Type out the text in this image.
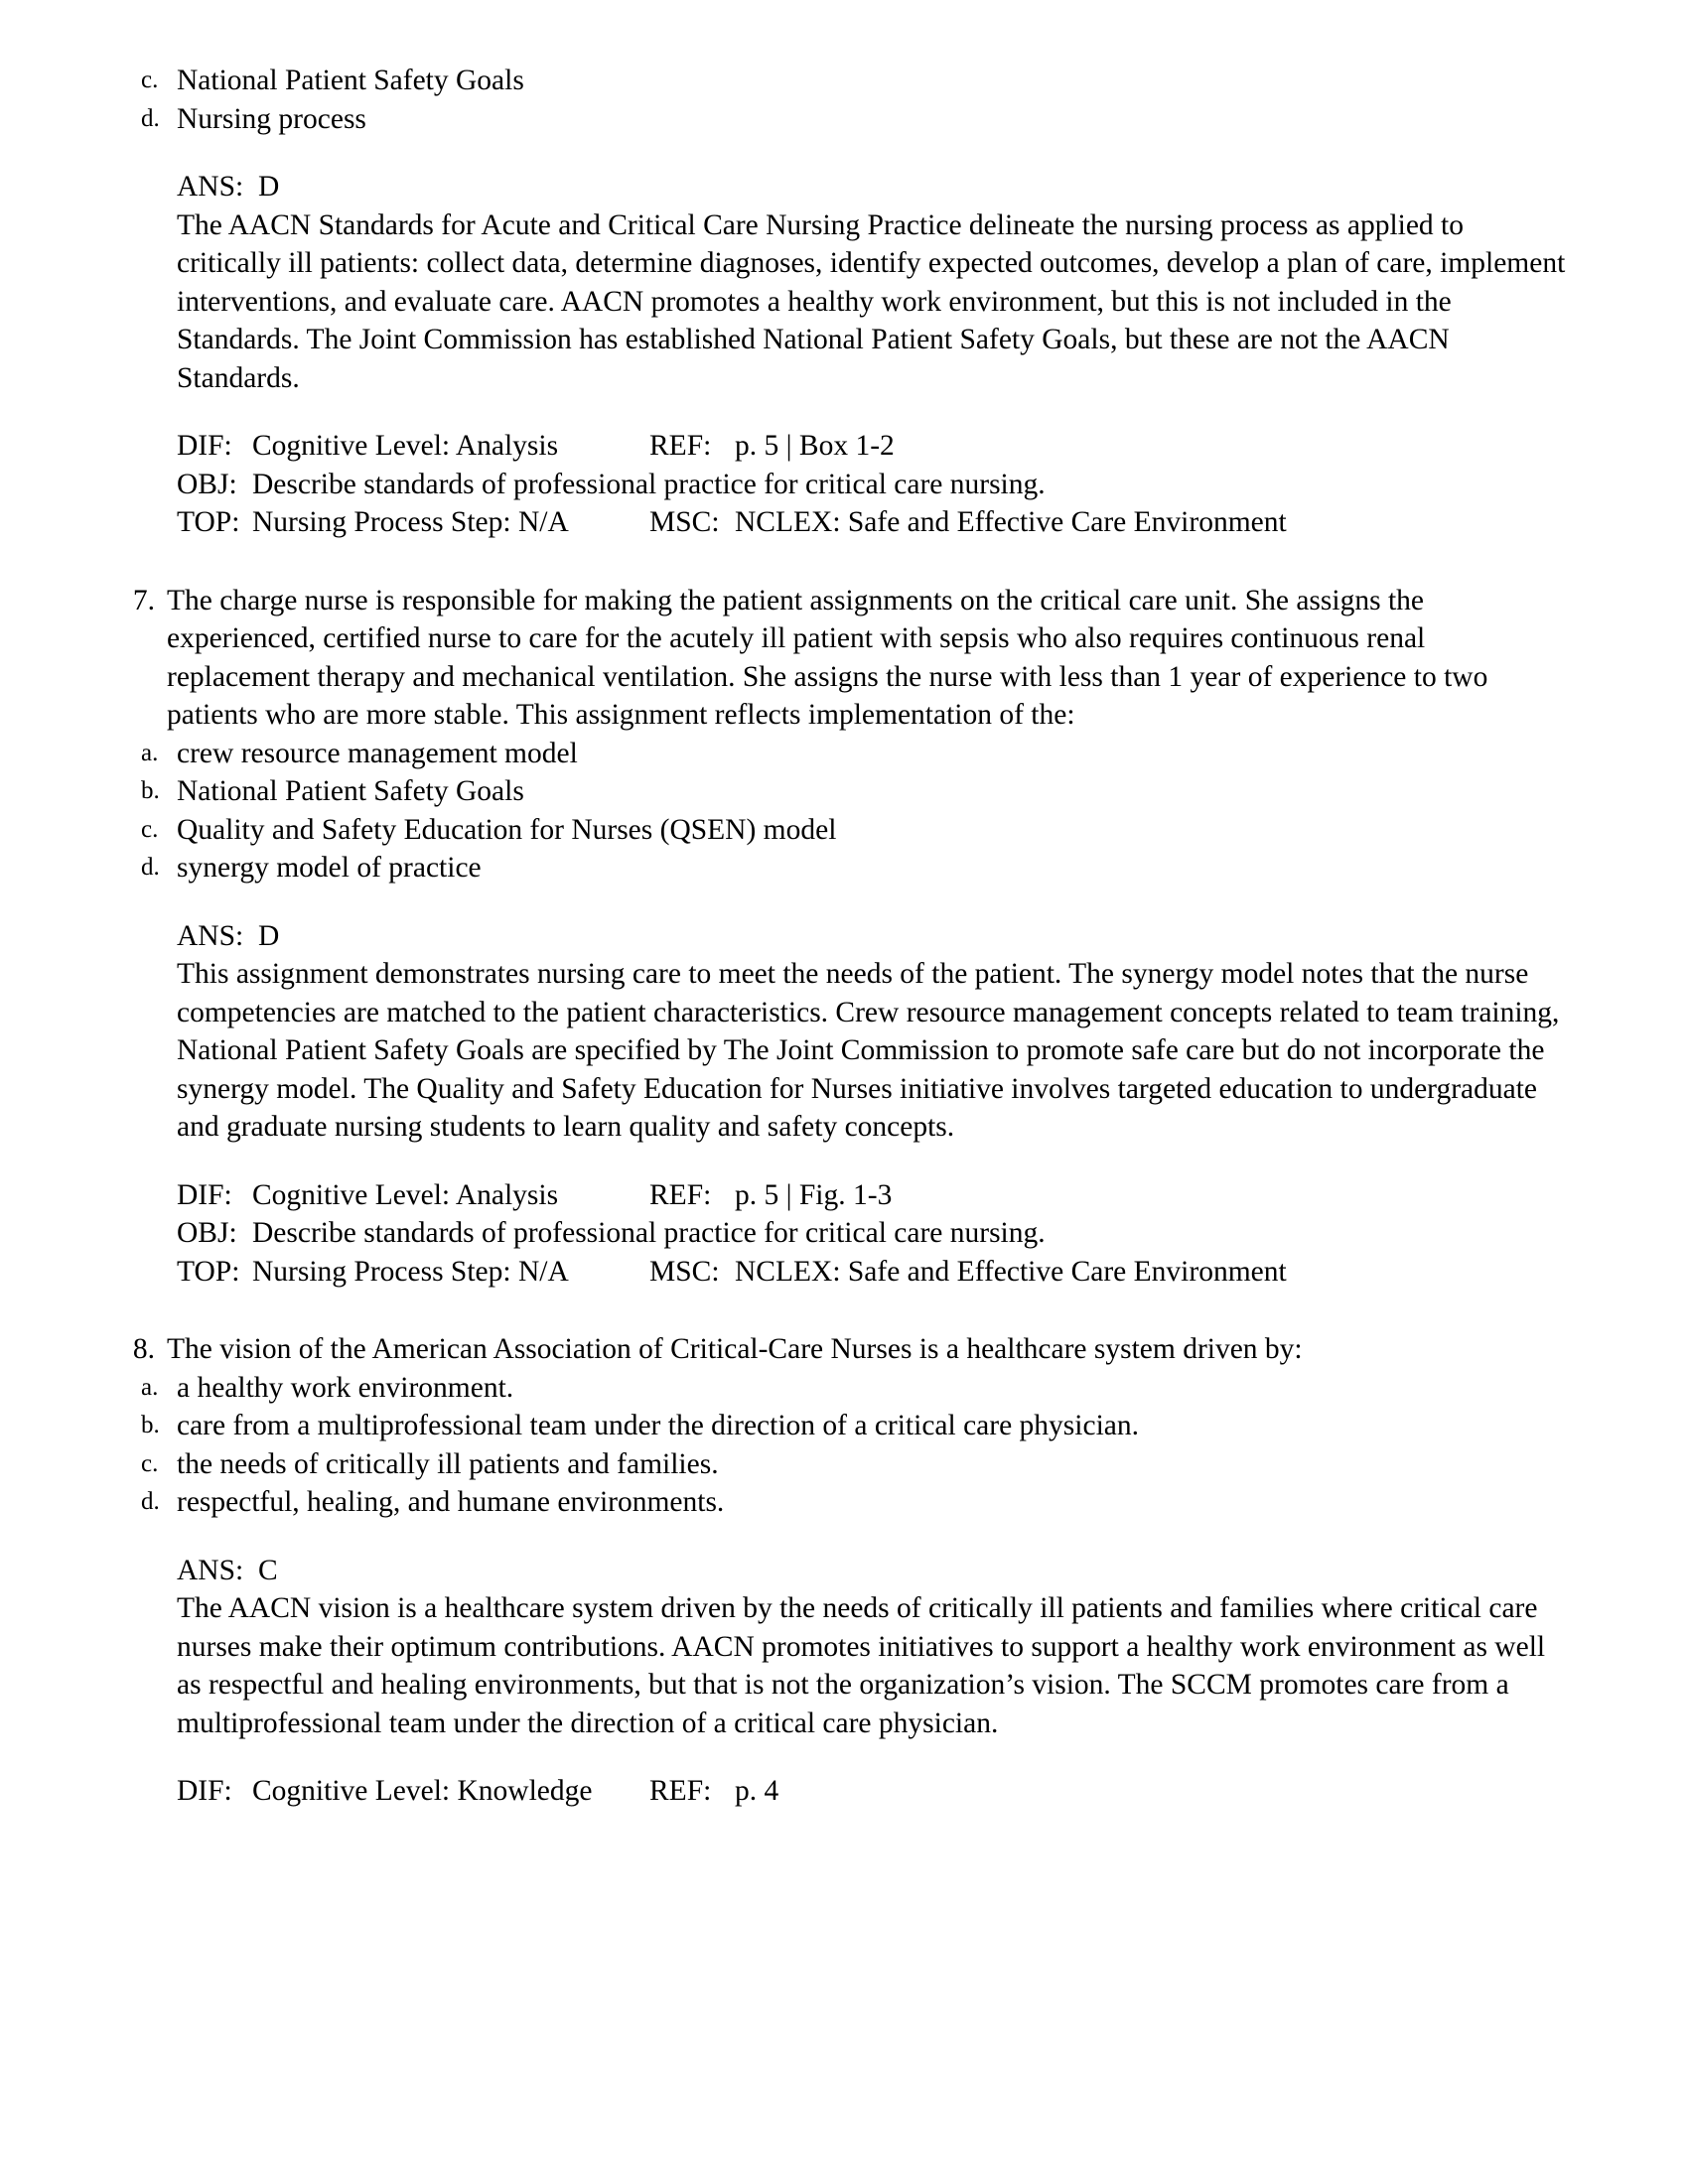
c. National Patient Safety Goals
d. Nursing process
ANS:  D
The AACN Standards for Acute and Critical Care Nursing Practice delineate the nursing process as applied to critically ill patients: collect data, determine diagnoses, identify expected outcomes, develop a plan of care, implement interventions, and evaluate care. AACN promotes a healthy work environment, but this is not included in the Standards. The Joint Commission has established National Patient Safety Goals, but these are not the AACN Standards.
DIF: Cognitive Level: Analysis	REF: p. 5 | Box 1-2
OBJ: Describe standards of professional practice for critical care nursing.
TOP: Nursing Process Step: N/A	MSC: NCLEX: Safe and Effective Care Environment
7. The charge nurse is responsible for making the patient assignments on the critical care unit. She assigns the experienced, certified nurse to care for the acutely ill patient with sepsis who also requires continuous renal replacement therapy and mechanical ventilation. She assigns the nurse with less than 1 year of experience to two patients who are more stable. This assignment reflects implementation of the:
a. crew resource management model
b. National Patient Safety Goals
c. Quality and Safety Education for Nurses (QSEN) model
d. synergy model of practice
ANS:  D
This assignment demonstrates nursing care to meet the needs of the patient. The synergy model notes that the nurse competencies are matched to the patient characteristics. Crew resource management concepts related to team training, National Patient Safety Goals are specified by The Joint Commission to promote safe care but do not incorporate the synergy model. The Quality and Safety Education for Nurses initiative involves targeted education to undergraduate and graduate nursing students to learn quality and safety concepts.
DIF: Cognitive Level: Analysis	REF: p. 5 | Fig. 1-3
OBJ: Describe standards of professional practice for critical care nursing.
TOP: Nursing Process Step: N/A	MSC: NCLEX: Safe and Effective Care Environment
8. The vision of the American Association of Critical-Care Nurses is a healthcare system driven by:
a. a healthy work environment.
b. care from a multiprofessional team under the direction of a critical care physician.
c. the needs of critically ill patients and families.
d. respectful, healing, and humane environments.
ANS:  C
The AACN vision is a healthcare system driven by the needs of critically ill patients and families where critical care nurses make their optimum contributions. AACN promotes initiatives to support a healthy work environment as well as respectful and healing environments, but that is not the organization’s vision. The SCCM promotes care from a multiprofessional team under the direction of a critical care physician.
DIF: Cognitive Level: Knowledge	REF: p. 4
